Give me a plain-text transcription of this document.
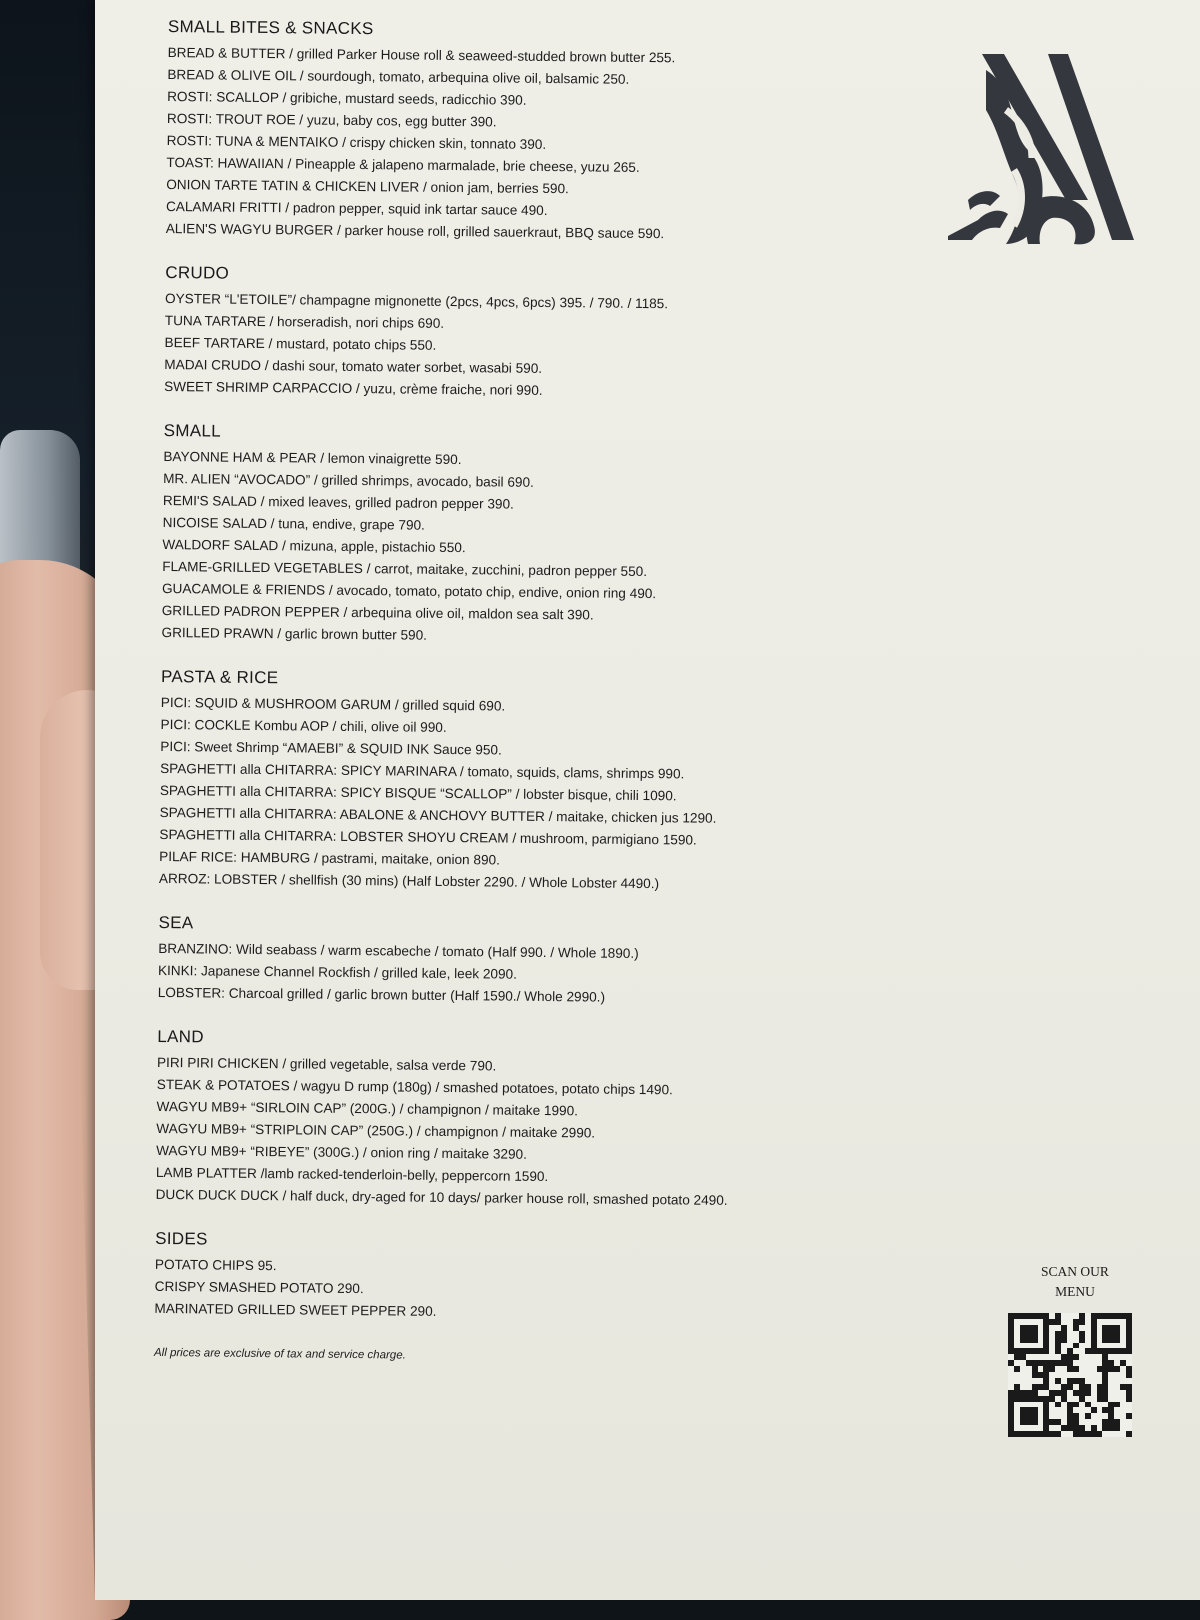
SMALL BITES & SNACKS
BREAD & BUTTER / grilled Parker House roll & seaweed-studded brown butter 255.
BREAD & OLIVE OIL / sourdough, tomato, arbequina olive oil, balsamic 250.
ROSTI: SCALLOP / gribiche, mustard seeds, radicchio 390.
ROSTI: TROUT ROE / yuzu, baby cos, egg butter 390.
ROSTI: TUNA & MENTAIKO / crispy chicken skin, tonnato 390.
TOAST: HAWAIIAN / Pineapple & jalapeno marmalade, brie cheese, yuzu 265.
ONION TARTE TATIN & CHICKEN LIVER / onion jam, berries 590.
CALAMARI FRITTI / padron pepper, squid ink tartar sauce 490.
ALIEN'S WAGYU BURGER / parker house roll, grilled sauerkraut, BBQ sauce 590.
CRUDO
OYSTER “L'ETOILE”/ champagne mignonette (2pcs, 4pcs, 6pcs) 395. / 790. / 1185.
TUNA TARTARE / horseradish, nori chips 690.
BEEF TARTARE / mustard, potato chips 550.
MADAI CRUDO / dashi sour, tomato water sorbet, wasabi 590.
SWEET SHRIMP CARPACCIO / yuzu, crème fraiche, nori 990.
SMALL
BAYONNE HAM & PEAR / lemon vinaigrette 590.
MR. ALIEN “AVOCADO” / grilled shrimps, avocado, basil 690.
REMI'S SALAD / mixed leaves, grilled padron pepper 390.
NICOISE SALAD / tuna, endive, grape 790.
WALDORF SALAD / mizuna, apple, pistachio 550.
FLAME-GRILLED VEGETABLES / carrot, maitake, zucchini, padron pepper 550.
GUACAMOLE & FRIENDS / avocado, tomato, potato chip, endive, onion ring 490.
GRILLED PADRON PEPPER / arbequina olive oil, maldon sea salt 390.
GRILLED PRAWN / garlic brown butter 590.
PASTA & RICE
PICI: SQUID & MUSHROOM GARUM / grilled squid 690.
PICI: COCKLE Kombu AOP / chili, olive oil 990.
PICI: Sweet Shrimp “AMAEBI” & SQUID INK Sauce 950.
SPAGHETTI alla CHITARRA: SPICY MARINARA / tomato, squids, clams, shrimps 990.
SPAGHETTI alla CHITARRA: SPICY BISQUE “SCALLOP” / lobster bisque, chili 1090.
SPAGHETTI alla CHITARRA: ABALONE & ANCHOVY BUTTER / maitake, chicken jus 1290.
SPAGHETTI alla CHITARRA: LOBSTER SHOYU CREAM / mushroom, parmigiano 1590.
PILAF RICE: HAMBURG / pastrami, maitake, onion 890.
ARROZ: LOBSTER / shellfish (30 mins) (Half Lobster 2290. / Whole Lobster 4490.)
SEA
BRANZINO: Wild seabass / warm escabeche / tomato (Half 990. / Whole 1890.)
KINKI: Japanese Channel Rockfish / grilled kale, leek 2090.
LOBSTER: Charcoal grilled / garlic brown butter (Half 1590./ Whole 2990.)
LAND
PIRI PIRI CHICKEN / grilled vegetable, salsa verde 790.
STEAK & POTATOES / wagyu D rump (180g) / smashed potatoes, potato chips 1490.
WAGYU MB9+ “SIRLOIN CAP” (200G.) / champignon / maitake 1990.
WAGYU MB9+ “STRIPLOIN CAP” (250G.) / champignon / maitake 2990.
WAGYU MB9+ “RIBEYE” (300G.) / onion ring / maitake 3290.
LAMB PLATTER /lamb racked-tenderloin-belly, peppercorn 1590.
DUCK DUCK DUCK / half duck, dry-aged for 10 days/ parker house roll, smashed potato 2490.
SIDES
POTATO CHIPS 95.
CRISPY SMASHED POTATO 290.
MARINATED GRILLED SWEET PEPPER 290.
All prices are exclusive of tax and service charge.
SCAN OUR
MENU
